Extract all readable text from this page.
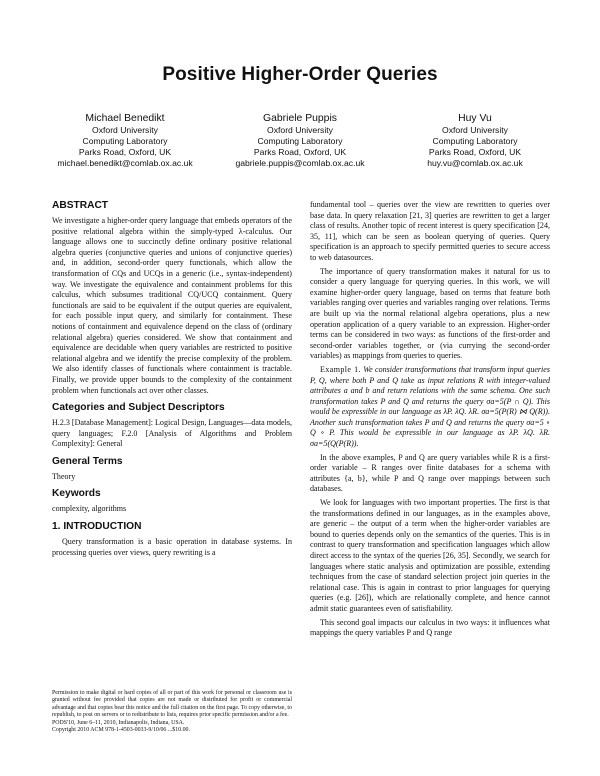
Positive Higher-Order Queries
Michael Benedikt
Oxford University
Computing Laboratory
Parks Road, Oxford, UK
michael.benedikt@comlab.ox.ac.uk
Gabriele Puppis
Oxford University
Computing Laboratory
Parks Road, Oxford, UK
gabriele.puppis@comlab.ox.ac.uk
Huy Vu
Oxford University
Computing Laboratory
Parks Road, Oxford, UK
huy.vu@comlab.ox.ac.uk
ABSTRACT

We investigate a higher-order query language that embeds operators of the positive relational algebra within the simply-typed λ-calculus. Our language allows one to succinctly define ordinary positive relational algebra queries (conjunctive queries and unions of conjunctive queries) and, in addition, second-order query functionals, which allow the transformation of CQs and UCQs in a generic (i.e., syntax-independent) way. We investigate the equivalence and containment problems for this calculus, which subsumes traditional CQ/UCQ containment. Query functionals are said to be equivalent if the output queries are equivalent, for each possible input query, and similarly for containment. These notions of containment and equivalence depend on the class of (ordinary relational algebra) queries considered. We show that containment and equivalence are decidable when query variables are restricted to positive relational algebra and we identify the precise complexity of the problem. We also identify classes of functionals where containment is tractable. Finally, we provide upper bounds to the complexity of the containment problem when functionals act over other classes.

Categories and Subject Descriptors

H.2.3 [Database Management]: Logical Design, Languages—data models, query languages; F.2.0 [Analysis of Algorithms and Problem Complexity]: General

General Terms

Theory

Keywords

complexity, algorithms

1. INTRODUCTION

Query transformation is a basic operation in database systems. In processing queries over views, query rewriting is a

Permission to make digital or hard copies of all or part of this work for personal or classroom use is granted without fee provided that copies are not made or distributed for profit or commercial advantage and that copies bear this notice and the full citation on the first page. To copy otherwise, to republish, to post on servers or to redistribute to lists, requires prior specific permission and/or a fee.

PODS'10, June 6–11, 2010, Indianapolis, Indiana, USA.

Copyright 2010 ACM 978-1-4503-0033-9/10/06 ...$10.00.

fundamental tool – queries over the view are rewritten to queries over base data. In query relaxation [21, 3] queries are rewritten to get a larger class of results. Another topic of recent interest is query specification [24, 35, 11], which can be seen as boolean querying of queries. Query specification is an approach to specify permitted queries to secure access to web datasources.

The importance of query transformation makes it natural for us to consider a query language for querying queries. In this work, we will examine higher-order query language, based on terms that feature both variables ranging over queries and variables ranging over relations. Terms are built up via the normal relational algebra operations, plus a new operation application of a query variable to an expression. Higher-order terms can be considered in two ways: as functions of the first-order and second-order variables together, or (via currying the second-order variables) as mappings from queries to queries.

Example 1. We consider transformations that transform input queries P, Q, where both P and Q take as input relations R with integer-valued attributes a and b and return relations with the same schema. One such transformation takes P and Q and returns the query σa=5(P ∩ Q). This would be expressible in our language as λP. λQ. λR. σa=5(P(R) ⋈ Q(R)). Another such transformation takes P and Q and returns the query σa=5 ∘ Q ∘ P. This would be expressible in our language as λP. λQ. λR. σa=5(Q(P(R)).

In the above examples, P and Q are query variables while R is a first-order variable – R ranges over finite databases for a schema with attributes {a, b}, while P and Q range over mappings between such databases.

We look for languages with two important properties. The first is that the transformations defined in our languages, as in the examples above, are generic – the output of a term when the higher-order variables are bound to queries depends only on the semantics of the queries. This is in contrast to query transformation and specification languages which allow direct access to the syntax of the queries [26, 35]. Secondly, we search for languages where static analysis and optimization are possible, extending techniques from the case of standard selection project join queries in the relational case. This is again in contrast to prior languages for querying queries (e.g. [26]), which are relationally complete, and hence cannot admit static guarantees even of satisfiability.

This second goal impacts our calculus in two ways: it influences what mappings the query variables P and Q range
